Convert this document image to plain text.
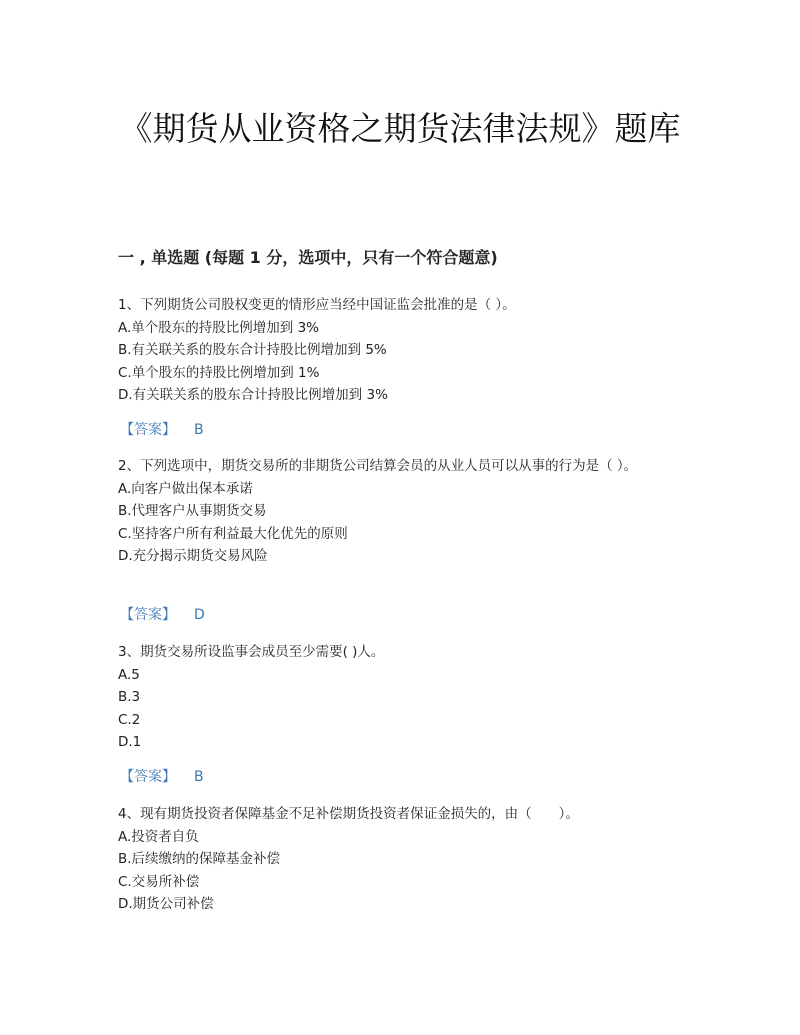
《期货从业资格之期货法律法规》题库
一 , 单选题 (每题 1 分，选项中，只有一个符合题意)

1、下列期货公司股权变更的情形应当经中国证监会批准的是（ ）。

A.单个股东的持股比例增加到 3%

B.有关联关系的股东合计持股比例增加到 5%

C.单个股东的持股比例增加到 1%

D.有关联关系的股东合计持股比例增加到 3%

【答案】 B

2、下列选项中，期货交易所的非期货公司结算会员的从业人员可以从事的行为是（ ）。

A.向客户做出保本承诺

B.代理客户从事期货交易

C.坚持客户所有利益最大化优先的原则

D.充分揭示期货交易风险

【答案】 D

3、期货交易所设监事会成员至少需要( )人。

A.5

B.3

C.2

D.1

【答案】 B

4、现有期货投资者保障基金不足补偿期货投资者保证金损失的，由（　　）。

A.投资者自负

B.后续缴纳的保障基金补偿

C.交易所补偿

D.期货公司补偿
